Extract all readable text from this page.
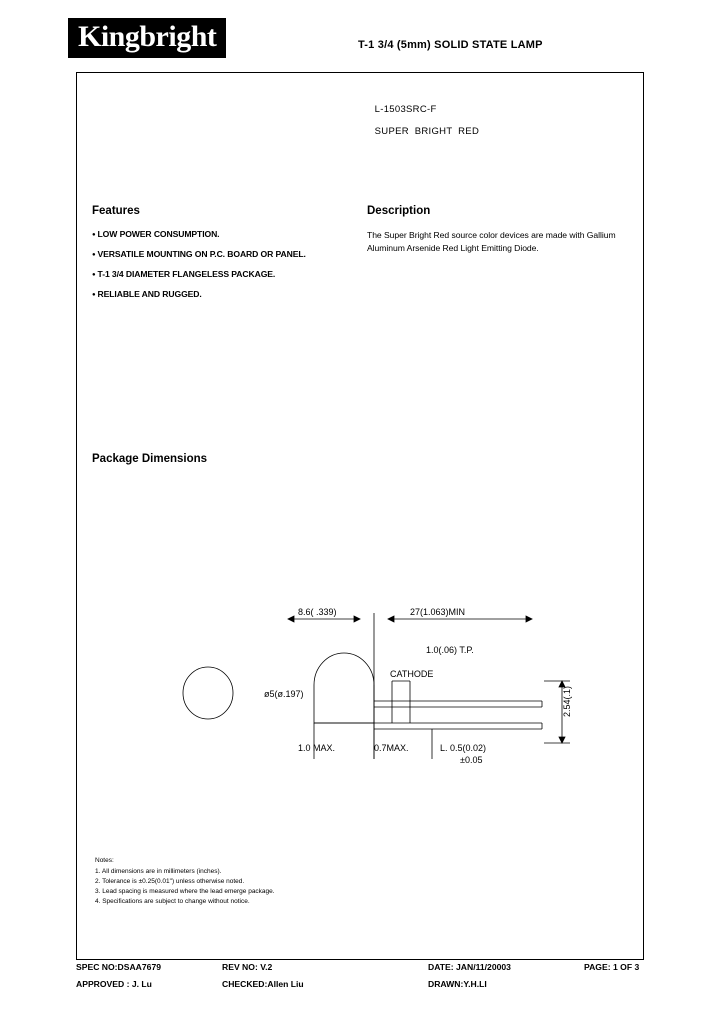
Kingbright	T-1 3/4 (5mm) SOLID STATE LAMP

L-1503SRC-F

SUPER  BRIGHT  RED

Features
● LOW POWER CONSUMPTION.
● VERSATILE MOUNTING ON P.C. BOARD OR PANEL.
● T-1 3/4 DIAMETER FLANGELESS PACKAGE.
● RELIABLE AND RUGGED.
Description

The Super Bright Red source color devices are made with Gallium Aluminum Arsenide Red Light Emitting Diode.

Package Dimensions
8.6( .339)	27(1.063)MIN
1.0(.06) T.P.
CATHODE
ø5(ø.197)	2.54(.1)
1.0 MAX.	0.7MAX.	L. 0.5(0.02)
±0.05
Notes:
1. All dimensions are in millimeters (inches).
2. Tolerance is ±0.25(0.01") unless otherwise noted.
3. Lead spacing is measured where the lead emerge package.
4. Specifications are subject to change without notice.
SPEC NO:DSAA7679	REV NO: V.2	DATE: JAN/11/20003	PAGE: 1 OF 3
APPROVED : J. Lu	CHECKED:Allen Liu	DRAWN:Y.H.LI
